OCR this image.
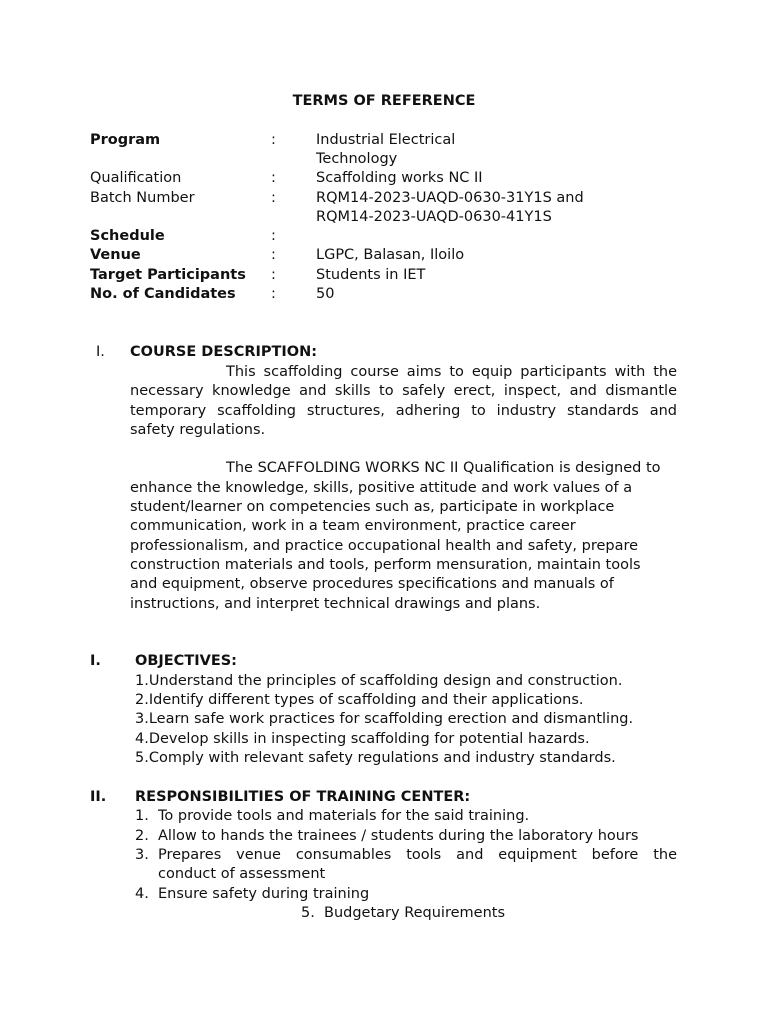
TERMS OF REFERENCE
Program	:	Industrial Electrical
Technology
Qualification	:	Scaffolding works NC II
Batch Number	:	RQM14-2023-UAQD-0630-31Y1S and
RQM14-2023-UAQD-0630-41Y1S
Schedule	:
Venue	:	LGPC, Balasan, Iloilo
Target Participants :	Students in IET
No. of Candidates :	50
I. COURSE DESCRIPTION:
This scaffolding course aims to equip participants with the necessary knowledge and skills to safely erect, inspect, and dismantle temporary scaffolding structures, adhering to industry standards and safety regulations.
The SCAFFOLDING WORKS NC II Qualification is designed to
enhance the knowledge, skills, positive attitude and work values of a
student/learner on competencies such as, participate in workplace
communication, work in a team environment, practice career
professionalism, and practice occupational health and safety, prepare
construction materials and tools, perform mensuration, maintain tools
and equipment, observe procedures specifications and manuals of
instructions, and interpret technical drawings and plans.
I. OBJECTIVES:
1.Understand the principles of scaffolding design and construction.
2.Identify different types of scaffolding and their applications.
3.Learn safe work practices for scaffolding erection and dismantling.
4.Develop skills in inspecting scaffolding for potential hazards.
5.Comply with relevant safety regulations and industry standards.
II. RESPONSIBILITIES OF TRAINING CENTER:
1. To provide tools and materials for the said training.
2. Allow to hands the trainees / students during the laboratory hours
3. Prepares venue consumables tools and equipment before the
conduct of assessment
4. Ensure safety during training
5. Budgetary Requirements
